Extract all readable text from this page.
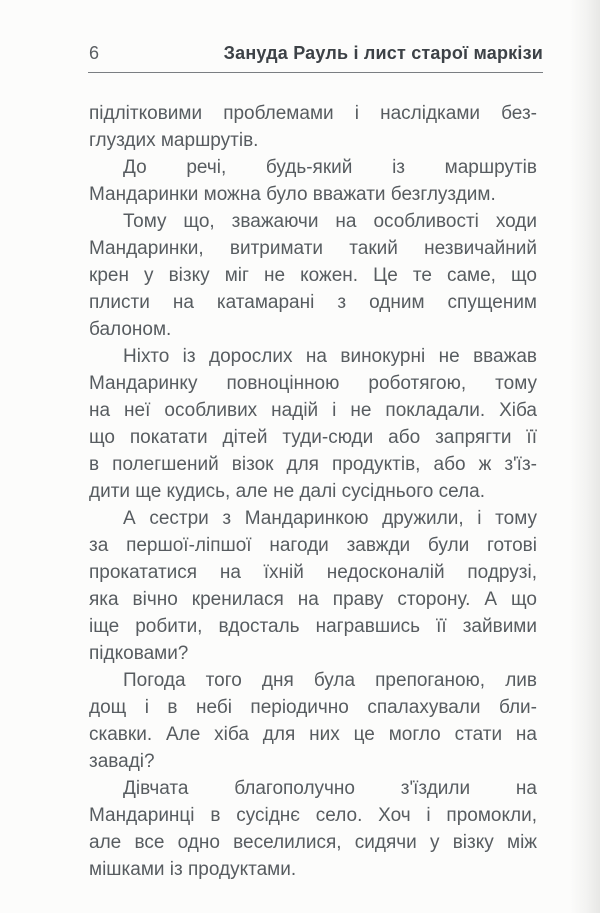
6	Зануда Рауль і лист старої маркізи
підлітковими проблемами і наслідками без-
глуздих маршрутів.
До речі, будь-який із маршрутів
Мандаринки можна було вважати безглуздим.
Тому що, зважаючи на особливості ходи
Мандаринки, витримати такий незвичайний
крен у візку міг не кожен. Це те саме, що
плисти на катамарані з одним спущеним
балоном.
Ніхто із дорослих на винокурні не вважав
Мандаринку повноцінною роботягою, тому
на неї особливих надій і не покладали. Хіба
що покатати дітей туди-сюди або запрягти її
в полегшений візок для продуктів, або ж з'їз-
дити ще кудись, але не далі сусіднього села.
А сестри з Мандаринкою дружили, і тому
за першої-ліпшої нагоди завжди були готові
прокататися на їхній недосконалій подрузі,
яка вічно кренилася на праву сторону. А що
іще робити, вдосталь награвшись її зайвими
підковами?
Погода того дня була препоганою, лив
дощ і в небі періодично спалахували бли-
скавки. Але хіба для них це могло стати на
заваді?
Дівчата благополучно з'їздили на
Мандаринці в сусіднє село. Хоч і промокли,
але все одно веселилися, сидячи у візку між
мішками із продуктами.
